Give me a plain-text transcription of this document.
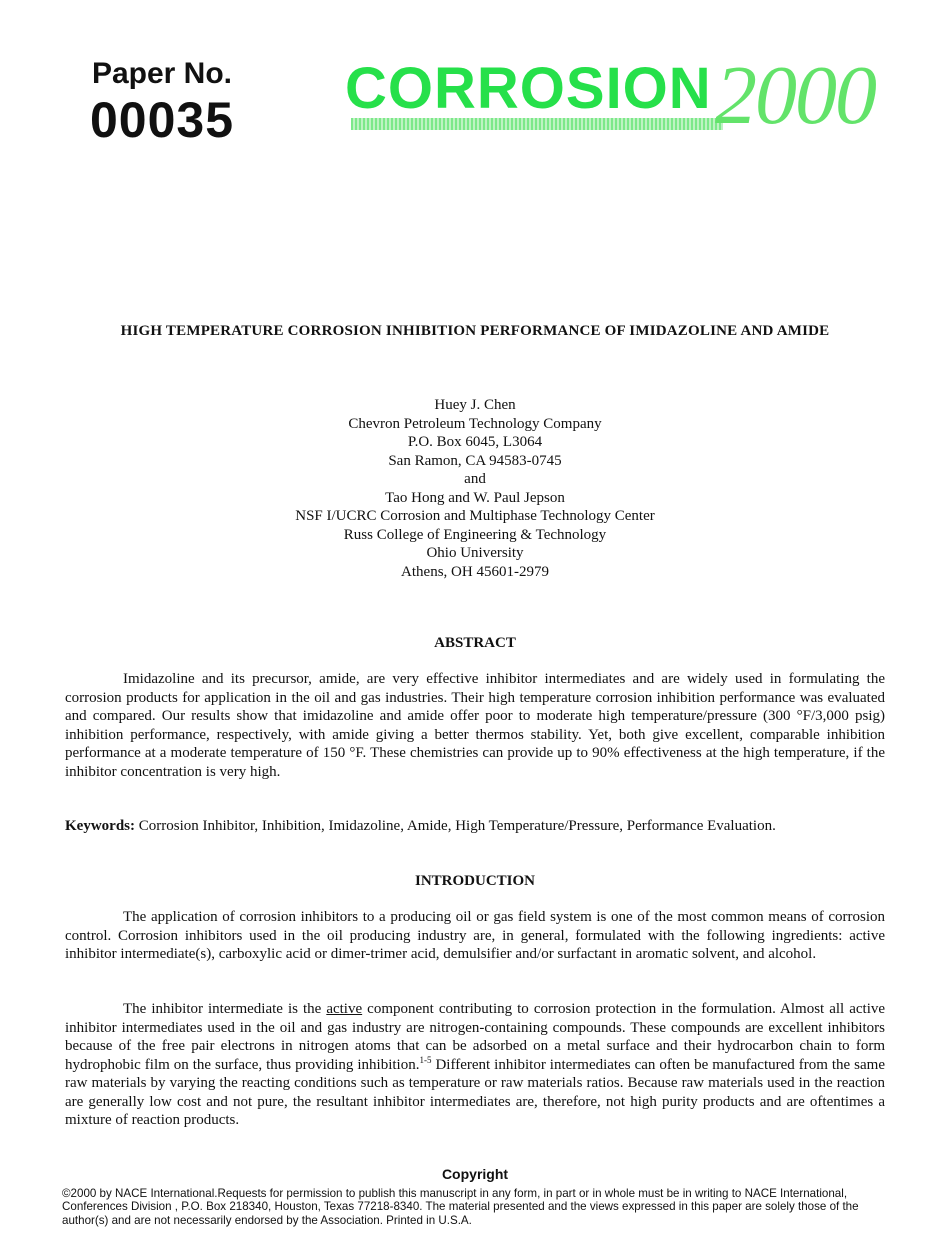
Paper No.
00035	CORROSION 2000
HIGH TEMPERATURE CORROSION INHIBITION PERFORMANCE OF IMIDAZOLINE AND AMIDE
Huey J. Chen
Chevron Petroleum Technology Company
P.O. Box 6045, L3064
San Ramon, CA 94583-0745
and
Tao Hong and W. Paul Jepson
NSF I/UCRC Corrosion and Multiphase Technology Center
Russ College of Engineering & Technology
Ohio University
Athens, OH 45601-2979
ABSTRACT

Imidazoline and its precursor, amide, are very effective inhibitor intermediates and are widely used in formulating the corrosion products for application in the oil and gas industries. Their high temperature corrosion inhibition performance was evaluated and compared. Our results show that imidazoline and amide offer poor to moderate high temperature/pressure (300 °F/3,000 psig) inhibition performance, respectively, with amide giving a better thermos stability. Yet, both give excellent, comparable inhibition performance at a moderate temperature of 150 °F. These chemistries can provide up to 90% effectiveness at the high temperature, if the inhibitor concentration is very high.

Keywords: Corrosion Inhibitor, Inhibition, Imidazoline, Amide, High Temperature/Pressure, Performance Evaluation.
INTRODUCTION

The application of corrosion inhibitors to a producing oil or gas field system is one of the most common means of corrosion control. Corrosion inhibitors used in the oil producing industry are, in general, formulated with the following ingredients: active inhibitor intermediate(s), carboxylic acid or dimer-trimer acid, demulsifier and/or surfactant in aromatic solvent, and alcohol.

The inhibitor intermediate is the active component contributing to corrosion protection in the formulation. Almost all active inhibitor intermediates used in the oil and gas industry are nitrogen-containing compounds. These compounds are excellent inhibitors because of the free pair electrons in nitrogen atoms that can be adsorbed on a metal surface and their hydrocarbon chain to form hydrophobic film on the surface, thus providing inhibition.$^{1-5}$ Different inhibitor intermediates can often be manufactured from the same raw materials by varying the reacting conditions such as temperature or raw materials ratios. Because raw materials used in the reaction are generally low cost and not pure, the resultant inhibitor intermediates are, therefore, not high purity products and are oftentimes a mixture of reaction products.

Copyright

©2000 by NACE International.Requests for permission to publish this manuscript in any form, in part or in whole must be in writing to NACE International, Conferences Division , P.O. Box 218340, Houston, Texas 77218-8340. The material presented and the views expressed in this paper are solely those of the author(s) and are not necessarily endorsed by the Association. Printed in U.S.A.
